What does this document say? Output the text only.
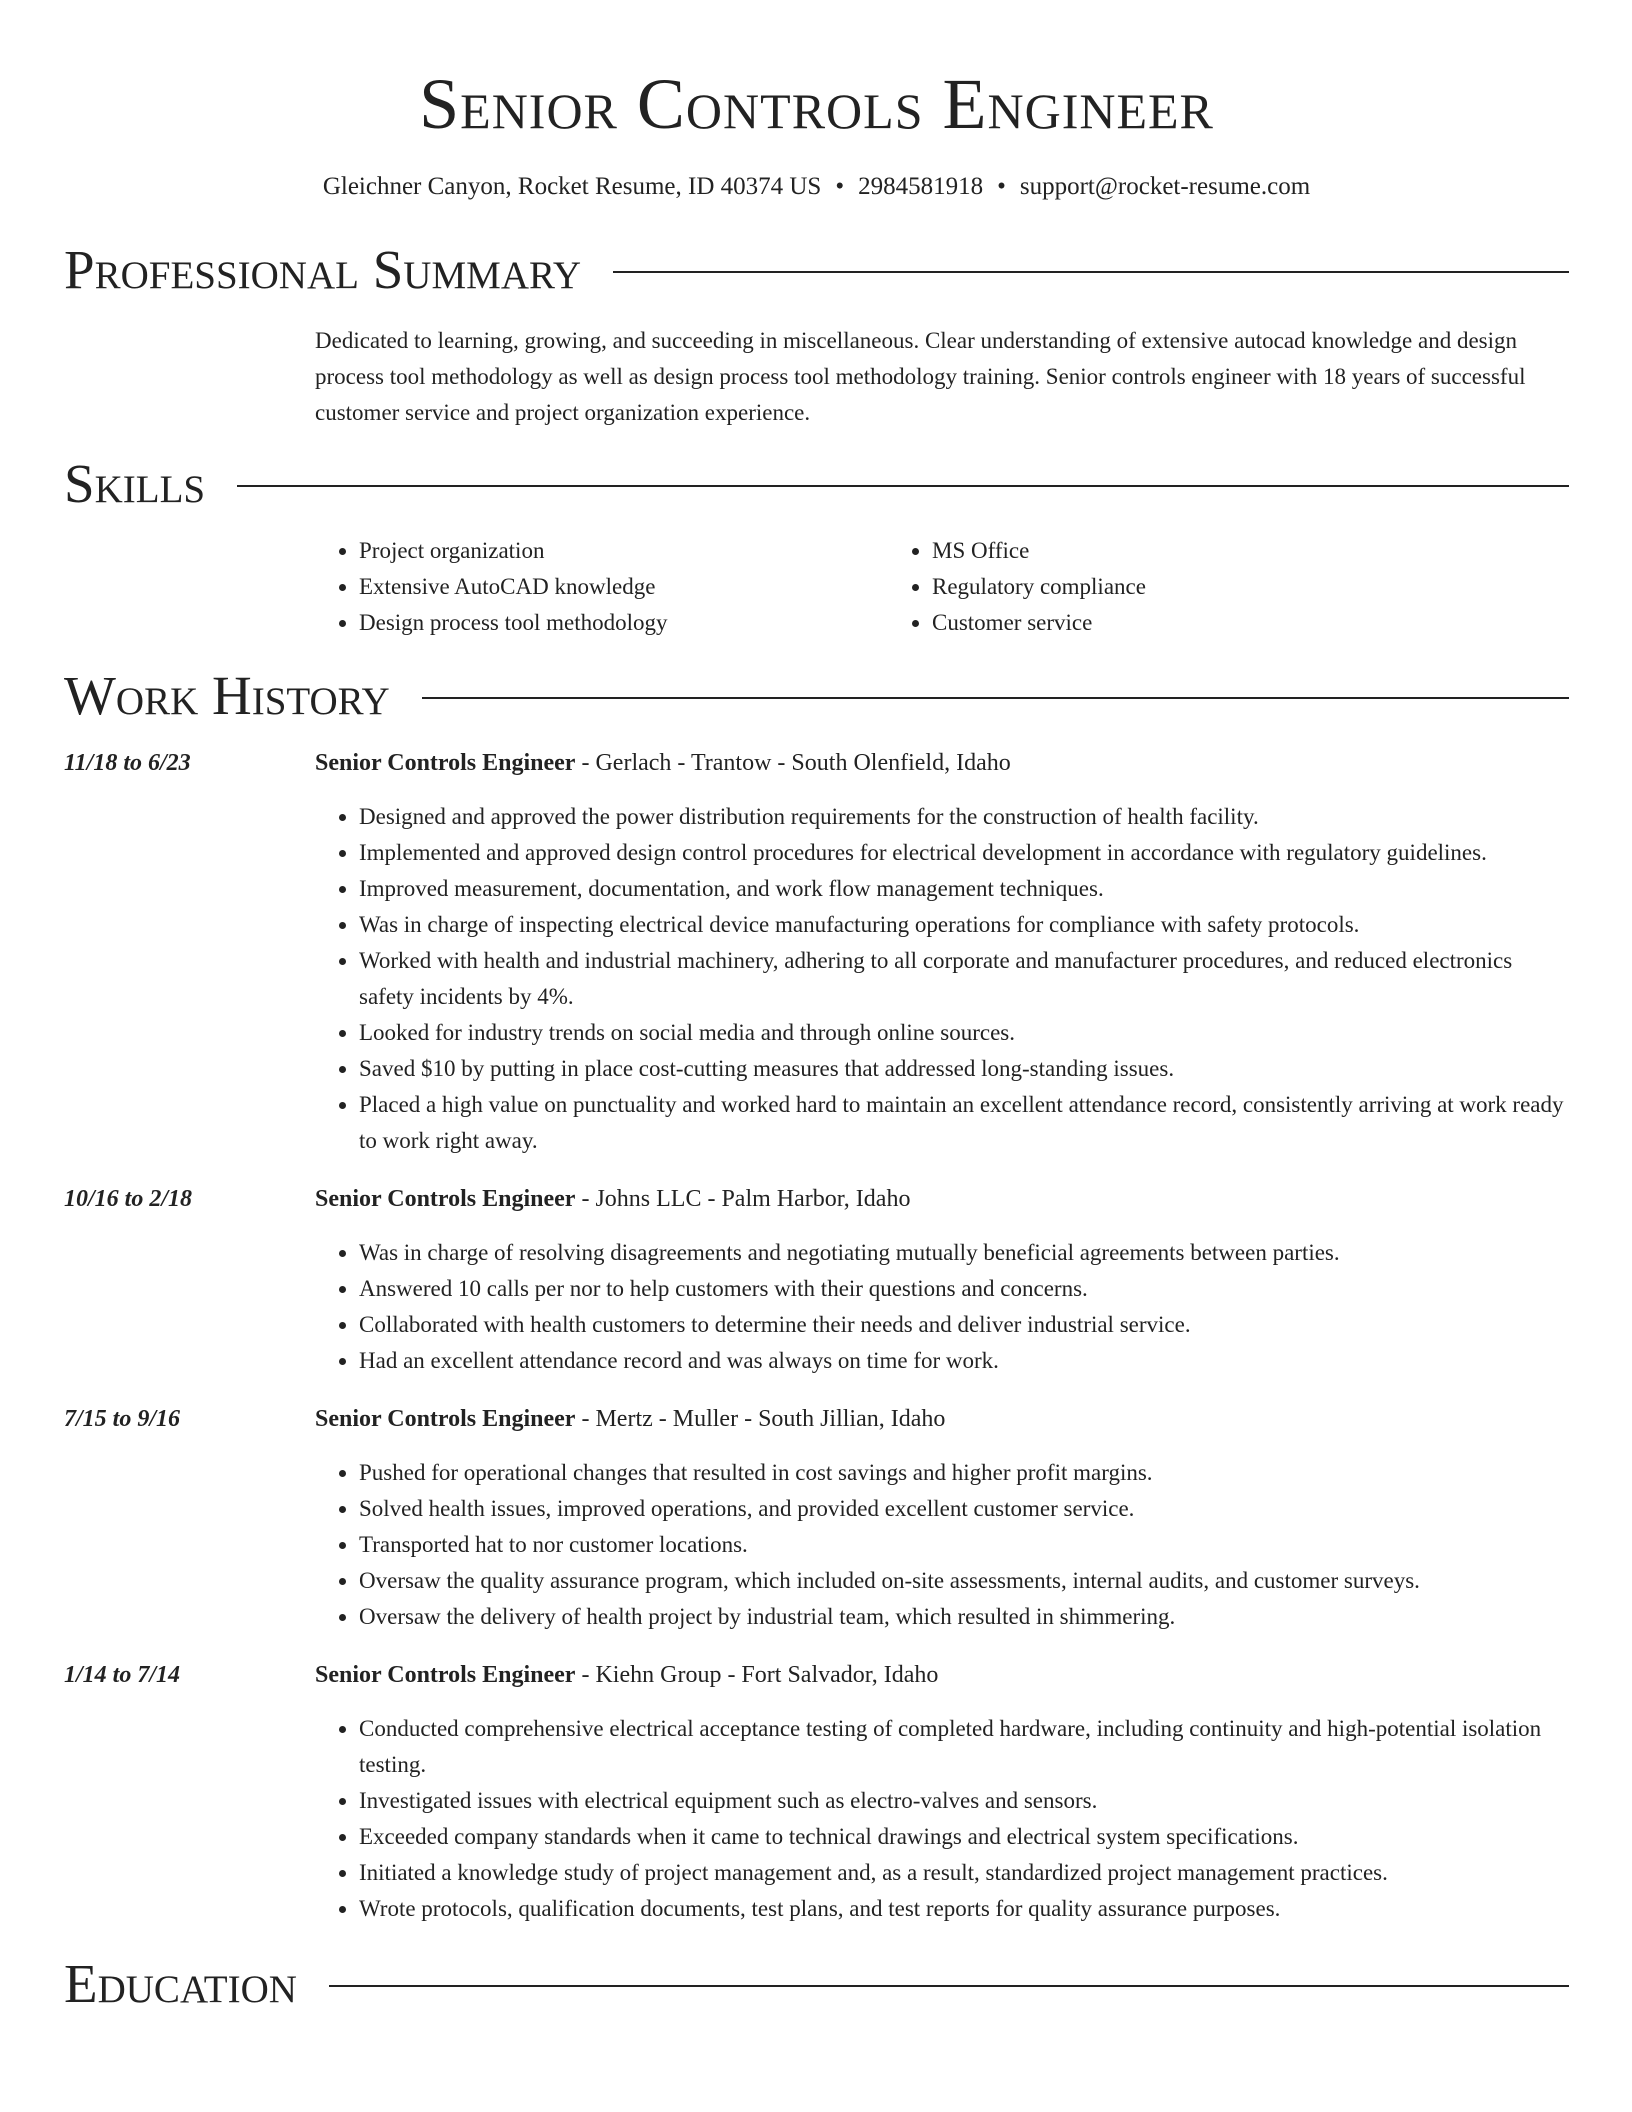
Senior Controls Engineer
Gleichner Canyon, Rocket Resume, ID 40374 US • 2984581918 • support@rocket-resume.com
Professional Summary
Dedicated to learning, growing, and succeeding in miscellaneous. Clear understanding of extensive autocad knowledge and design process tool methodology as well as design process tool methodology training. Senior controls engineer with 18 years of successful customer service and project organization experience.
Skills
• Project organization
• Extensive AutoCAD knowledge
• Design process tool methodology
• MS Office
• Regulatory compliance
• Customer service
Work History
11/18 to 6/23	Senior Controls Engineer - Gerlach - Trantow - South Olenfield, Idaho
• Designed and approved the power distribution requirements for the construction of health facility.
• Implemented and approved design control procedures for electrical development in accordance with regulatory guidelines.
• Improved measurement, documentation, and work flow management techniques.
• Was in charge of inspecting electrical device manufacturing operations for compliance with safety protocols.
• Worked with health and industrial machinery, adhering to all corporate and manufacturer procedures, and reduced electronics safety incidents by 4%.
• Looked for industry trends on social media and through online sources.
• Saved $10 by putting in place cost-cutting measures that addressed long-standing issues.
• Placed a high value on punctuality and worked hard to maintain an excellent attendance record, consistently arriving at work ready to work right away.
10/16 to 2/18	Senior Controls Engineer - Johns LLC - Palm Harbor, Idaho
• Was in charge of resolving disagreements and negotiating mutually beneficial agreements between parties.
• Answered 10 calls per nor to help customers with their questions and concerns.
• Collaborated with health customers to determine their needs and deliver industrial service.
• Had an excellent attendance record and was always on time for work.
7/15 to 9/16	Senior Controls Engineer - Mertz - Muller - South Jillian, Idaho
• Pushed for operational changes that resulted in cost savings and higher profit margins.
• Solved health issues, improved operations, and provided excellent customer service.
• Transported hat to nor customer locations.
• Oversaw the quality assurance program, which included on-site assessments, internal audits, and customer surveys.
• Oversaw the delivery of health project by industrial team, which resulted in shimmering.
1/14 to 7/14	Senior Controls Engineer - Kiehn Group - Fort Salvador, Idaho
• Conducted comprehensive electrical acceptance testing of completed hardware, including continuity and high-potential isolation testing.
• Investigated issues with electrical equipment such as electro-valves and sensors.
• Exceeded company standards when it came to technical drawings and electrical system specifications.
• Initiated a knowledge study of project management and, as a result, standardized project management practices.
• Wrote protocols, qualification documents, test plans, and test reports for quality assurance purposes.
Education
